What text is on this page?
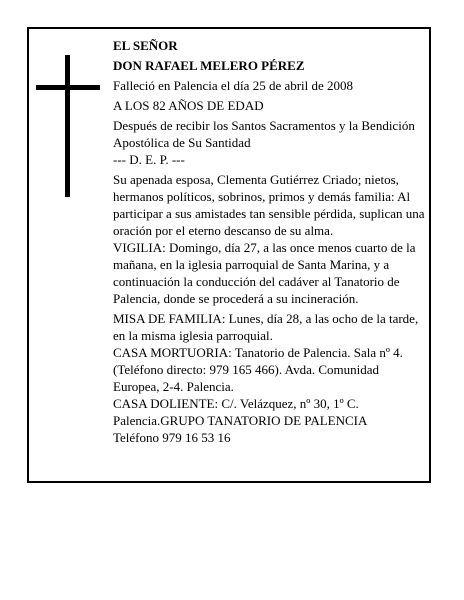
EL SEÑOR

DON RAFAEL MELERO PÉREZ

Falleció en Palencia el día 25 de abril de 2008

A LOS 82 AÑOS DE EDAD

Después de recibir los Santos Sacramentos y la Bendición Apostólica de Su Santidad

--- D. E. P. ---

Su apenada esposa, Clementa Gutiérrez Criado; nietos, hermanos políticos, sobrinos, primos y demás familia: Al participar a sus amistades tan sensible pérdida, suplican una oración por el eterno descanso de su alma.

VIGILIA: Domingo, día 27, a las once menos cuarto de la mañana, en la iglesia parroquial de Santa Marina, y a continuación la conducción del cadáver al Tanatorio de Palencia, donde se procederá a su incineración.

MISA DE FAMILIA: Lunes, día 28, a las ocho de la tarde, en la misma iglesia parroquial.

CASA MORTUORIA: Tanatorio de Palencia. Sala nº 4. (Teléfono directo: 979 165 466). Avda. Comunidad Europea, 2-4. Palencia.

CASA DOLIENTE: C/. Velázquez, nº 30, 1º C. Palencia.GRUPO TANATORIO DE PALENCIA

Teléfono 979 16 53 16
